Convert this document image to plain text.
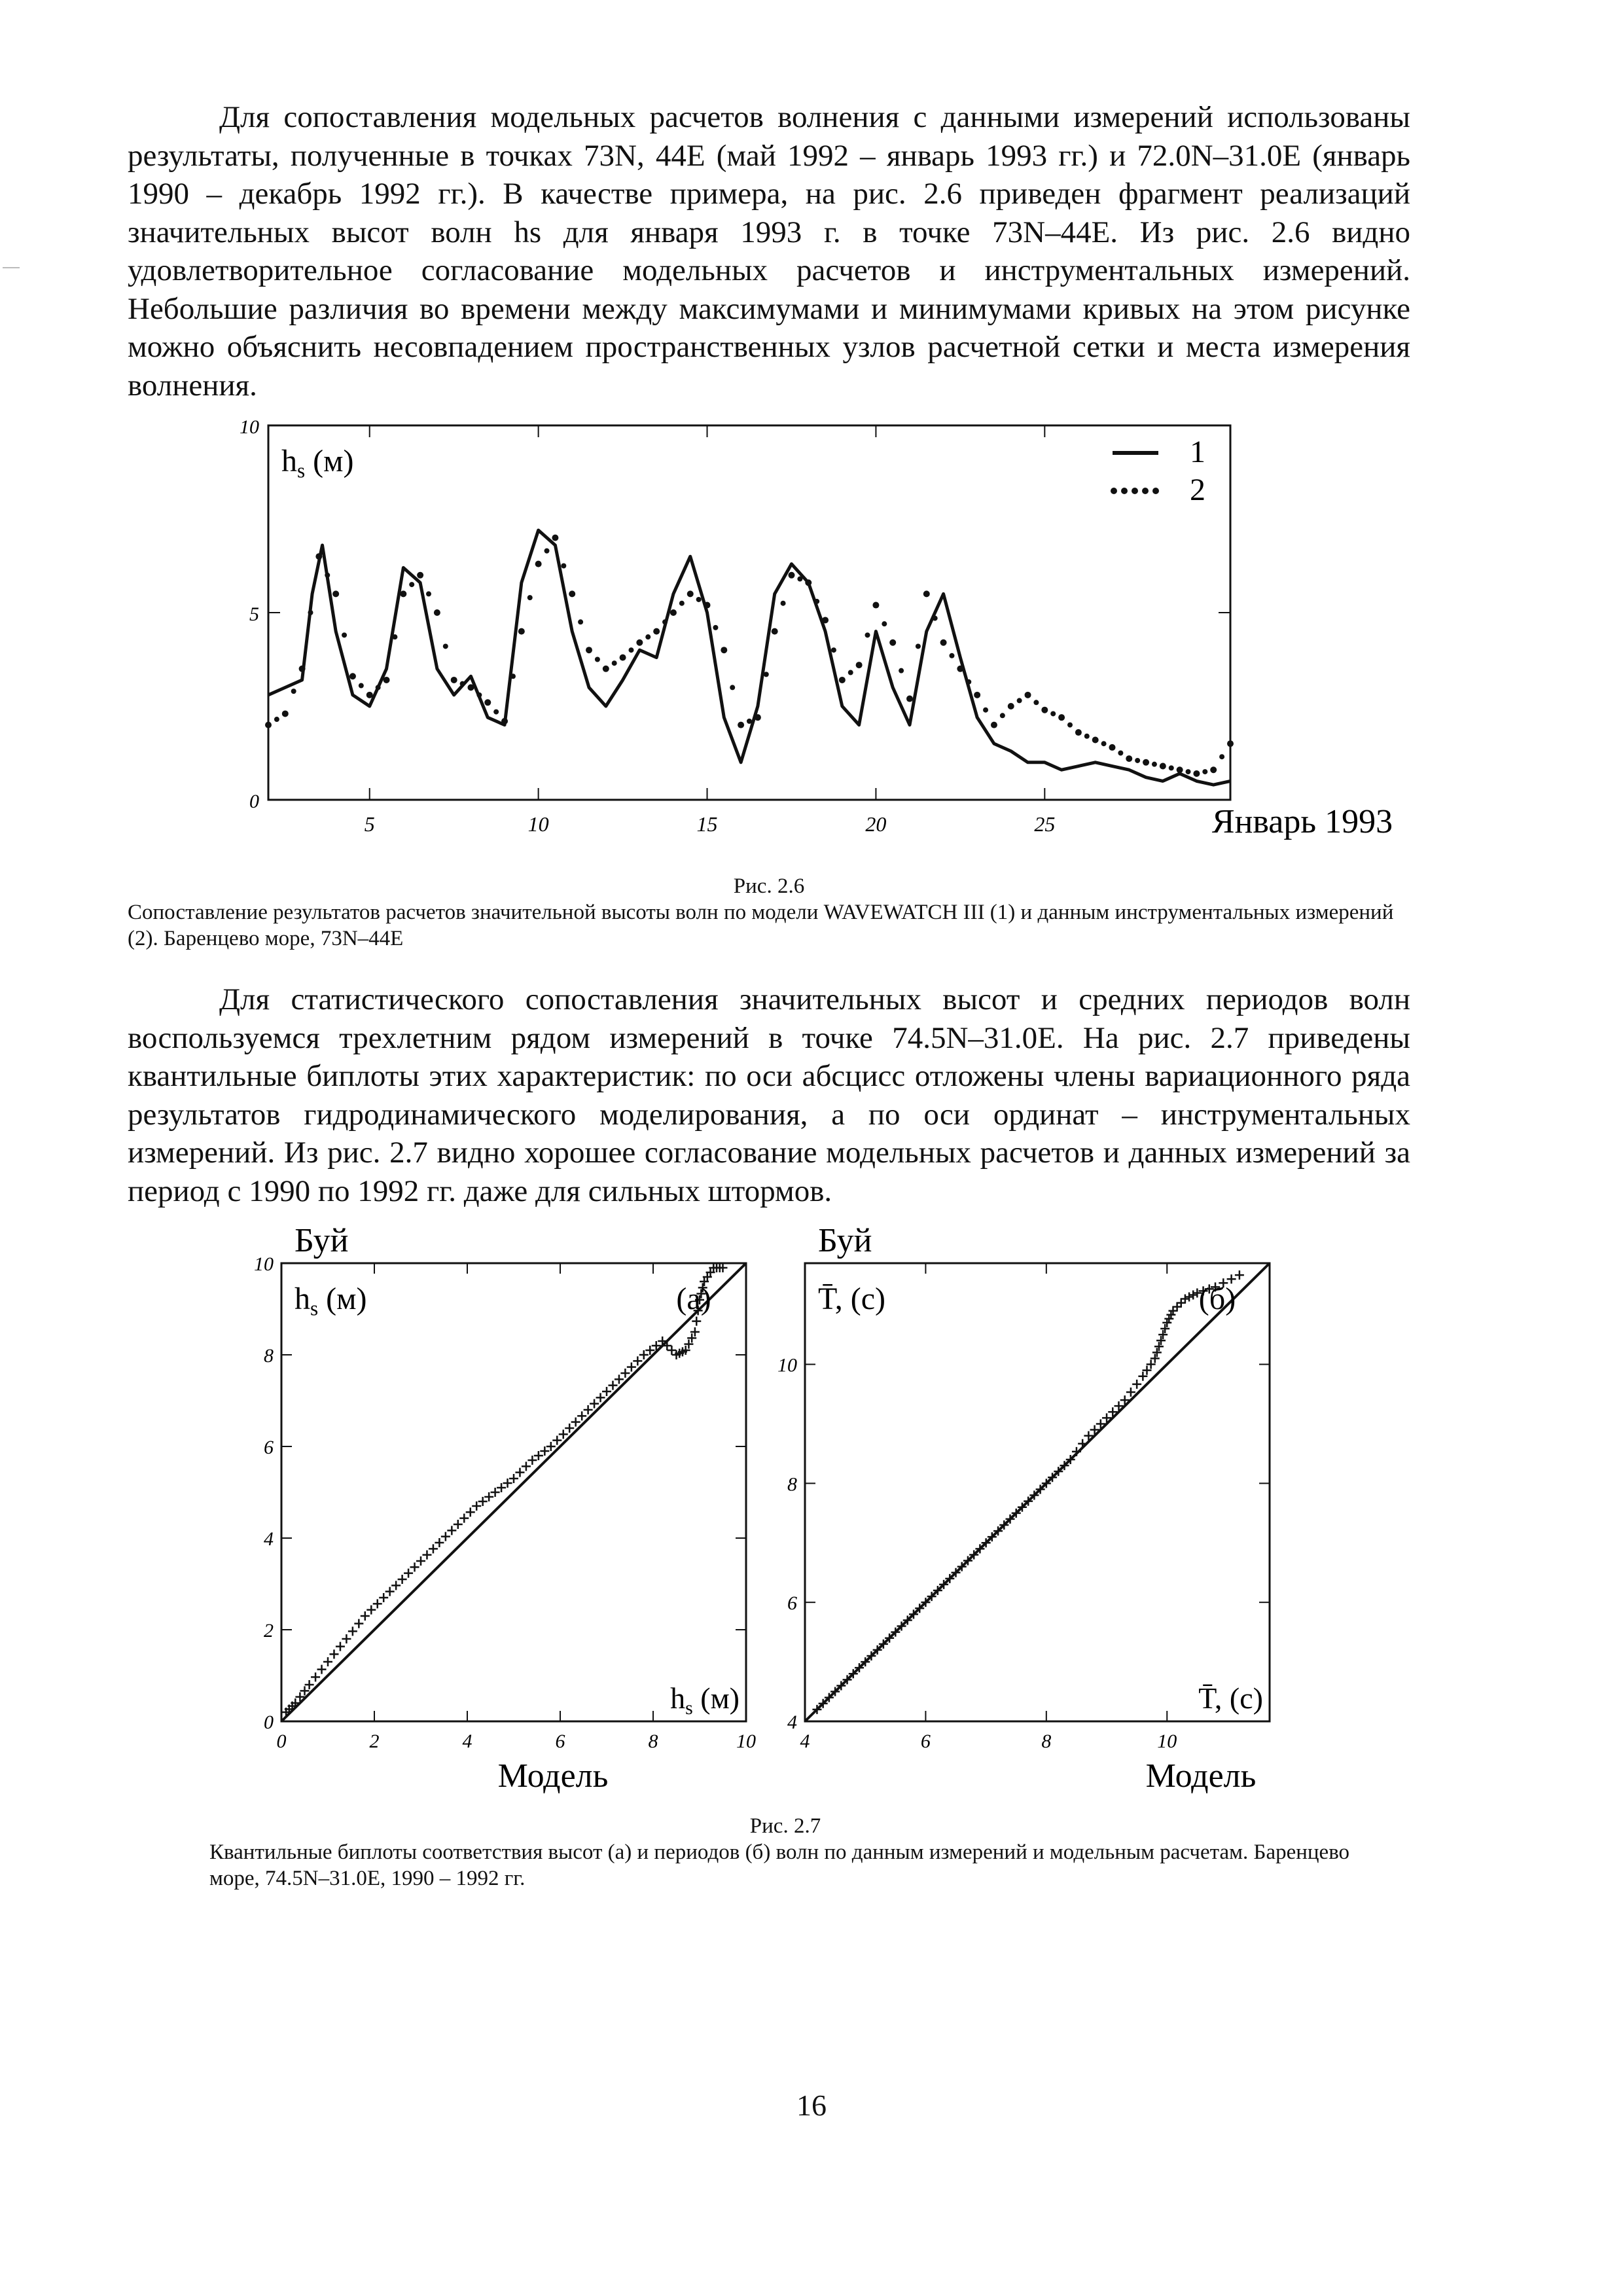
Для сопоставления модельных расчетов волнения с данными измерений использованы результаты, полученные в точках 73N, 44E (май 1992 – январь 1993 гг.) и 72.0N–31.0E (январь 1990 – декабрь 1992 гг.). В качестве примера, на рис. 2.6 приведен фрагмент реализаций значительных высот волн hs для января 1993 г. в точке 73N–44E. Из рис. 2.6 видно удовлетворительное согласование модельных расчетов и инструментальных измерений. Небольшие различия во времени между максимумами и минимумами кривых на этом рисунке можно объяснить несовпадением пространственных узлов расчетной сетки и места измерения волнения.

5	10	15	20	25
0
5
10
$h_s$ (м)
Январь 1993
1
2
Рис. 2.6
Сопоставление результатов расчетов значительной высоты волн по модели WAVEWATCH III (1) и данным инструментальных измерений (2). Баренцево море, 73N–44E

Для статистического сопоставления значительных высот и средних периодов волн воспользуемся трехлетним рядом измерений в точке 74.5N–31.0E. На рис. 2.7 приведены квантильные биплоты этих характеристик: по оси абсцисс отложены члены вариационного ряда результатов гидродинамического моделирования, а по оси ординат – инструментальных измерений. Из рис. 2.7 видно хорошее согласование модельных расчетов и данных измерений за период с 1990 по 1992 гг. даже для сильных штормов.

Буй
0	2	4	6	8	10
0
2
4
6
8
10
$h_s$ (м)	(а)
$h_s$ (м)
Модель
Буй
4	6	8	10
4
6
8
10
T̄, (с)	(б)
T̄, (с)
Модель
Рис. 2.7
Квантильные биплоты соответствия высот (а) и периодов (б) волн по данным измерений и модельным расчетам. Баренцево море, 74.5N–31.0E, 1990 – 1992 гг.
16
